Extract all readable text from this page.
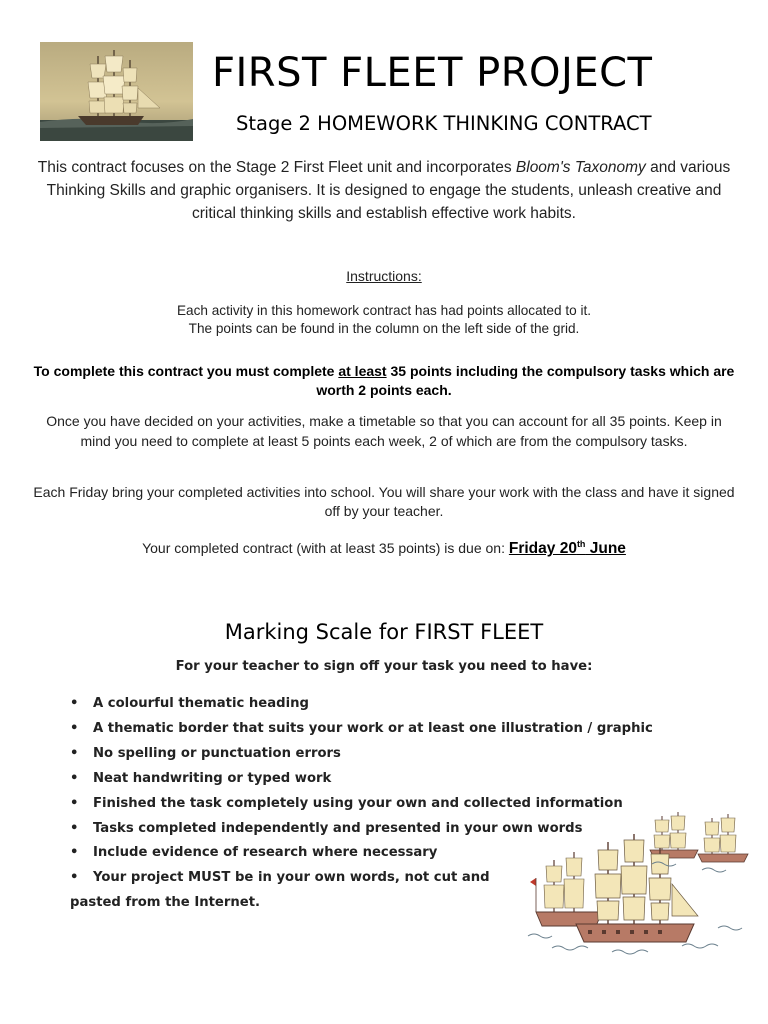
FIRST FLEET PROJECT
Stage 2 HOMEWORK THINKING CONTRACT
This contract focuses on the Stage 2 First Fleet unit and incorporates Bloom's Taxonomy and various Thinking Skills and graphic organisers. It is designed to engage the students, unleash creative and critical thinking skills and establish effective work habits.
Instructions:
Each activity in this homework contract has had points allocated to it.
The points can be found in the column on the left side of the grid.
To complete this contract you must complete at least 35 points including the compulsory tasks which are worth 2 points each.
Once you have decided on your activities, make a timetable so that you can account for all 35 points. Keep in mind you need to complete at least 5 points each week, 2 of which are from the compulsory tasks.
Each Friday bring your completed activities into school. You will share your work with the class and have it signed off by your teacher.
Your completed contract (with at least 35 points) is due on: Friday 20th June
Marking Scale for FIRST FLEET
For your teacher to sign off your task you need to have:
• A colourful thematic heading
• A thematic border that suits your work or at least one illustration / graphic
• No spelling or punctuation errors
• Neat handwriting or typed work
• Finished the task completely using your own and collected information
• Tasks completed independently and presented in your own words
• Include evidence of research where necessary
• Your project MUST be in your own words, not cut and
pasted from the Internet.
